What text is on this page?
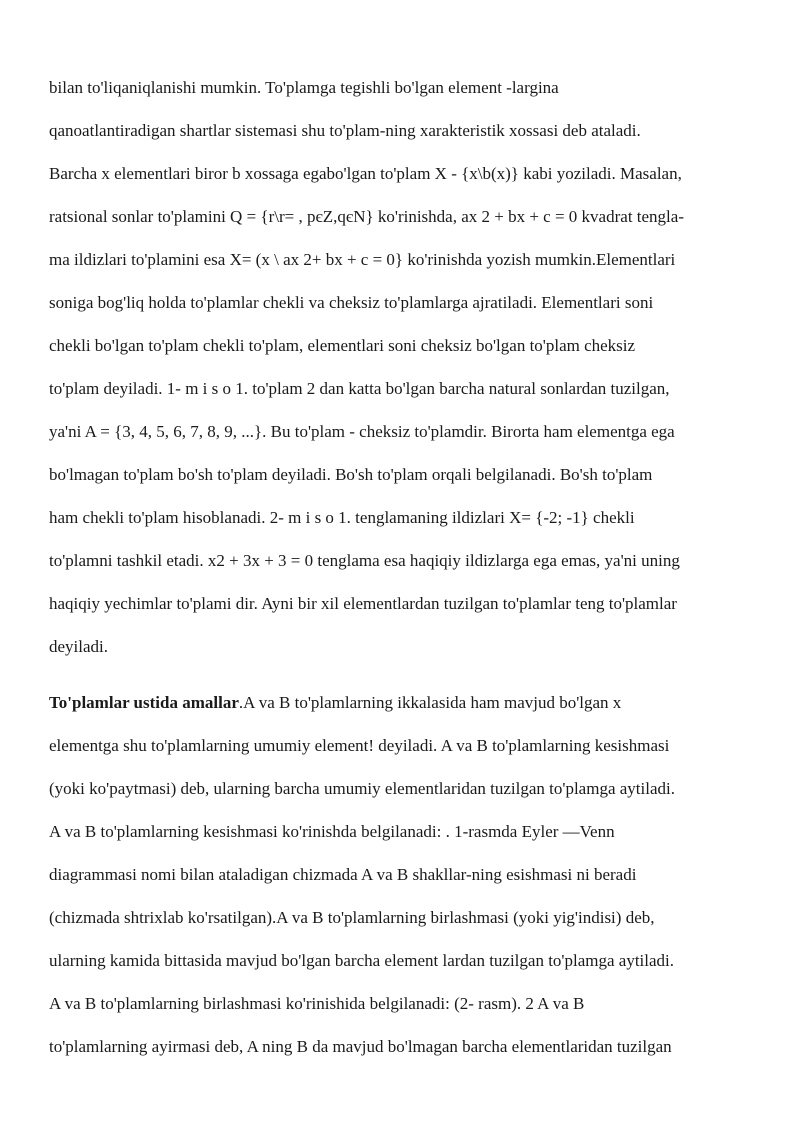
bilan to'liqaniqlanishi mumkin. To'plamga tegishli bo'lgan element -largina
qanoatlantiradigan shartlar sistemasi shu to'plam-ning xarakteristik xossasi deb ataladi.
Barcha x elementlari biror b xossaga egabo'lgan to'plam X - {x\b(x)} kabi yoziladi. Masalan,
ratsional sonlar to'plamini Q = {r\r= , pєZ,qєN} ko'rinishda, ax 2 + bx + c = 0 kvadrat tengla-
ma ildizlari to'plamini esa X= (x \ ax 2+ bx + c = 0} ko'rinishda yozish mumkin.Elementlari
soniga bog'liq holda to'plamlar chekli va cheksiz to'plamlarga ajratiladi. Elementlari soni
chekli bo'lgan to'plam chekli to'plam, elementlari soni cheksiz bo'lgan to'plam cheksiz
to'plam deyiladi. 1- m i s o 1. to'plam 2 dan katta bo'lgan barcha natural sonlardan tuzilgan,
ya'ni A = {3, 4, 5, 6, 7, 8, 9, ...}. Bu to'plam - cheksiz to'plamdir. Birorta ham elementga ega
bo'lmagan to'plam bo'sh to'plam deyiladi. Bo'sh to'plam orqali belgilanadi. Bo'sh to'plam
ham chekli to'plam hisoblanadi. 2- m i s o 1. tenglamaning ildizlari X= {-2; -1} chekli
to'plamni tashkil etadi. x2 + 3x + 3 = 0 tenglama esa haqiqiy ildizlarga ega emas, ya'ni uning
haqiqiy yechimlar to'plami dir. Ayni bir xil elementlardan tuzilgan to'plamlar teng to'plamlar
deyiladi.
To'plamlar ustida amallar.A va B to'plamlarning ikkalasida ham mavjud bo'lgan x
elementga shu to'plamlarning umumiy element! deyiladi. A va B to'plamlarning kesishmasi
(yoki ko'paytmasi) deb, ularning barcha umumiy elementlaridan tuzilgan to'plamga aytiladi.
A va B to'plamlarning kesishmasi ko'rinishda belgilanadi: . 1-rasmda Eyler —Venn
diagrammasi nomi bilan ataladigan chizmada A va B shakllar-ning esishmasi ni beradi
(chizmada shtrixlab ko'rsatilgan).A va B to'plamlarning birlashmasi (yoki yig'indisi) deb,
ularning kamida bittasida mavjud bo'lgan barcha element lardan tuzilgan to'plamga aytiladi.
A va B to'plamlarning birlashmasi ko'rinishida belgilanadi: (2- rasm). 2 A va B
to'plamlarning ayirmasi deb, A ning B da mavjud bo'lmagan barcha elementlaridan tuzilgan
